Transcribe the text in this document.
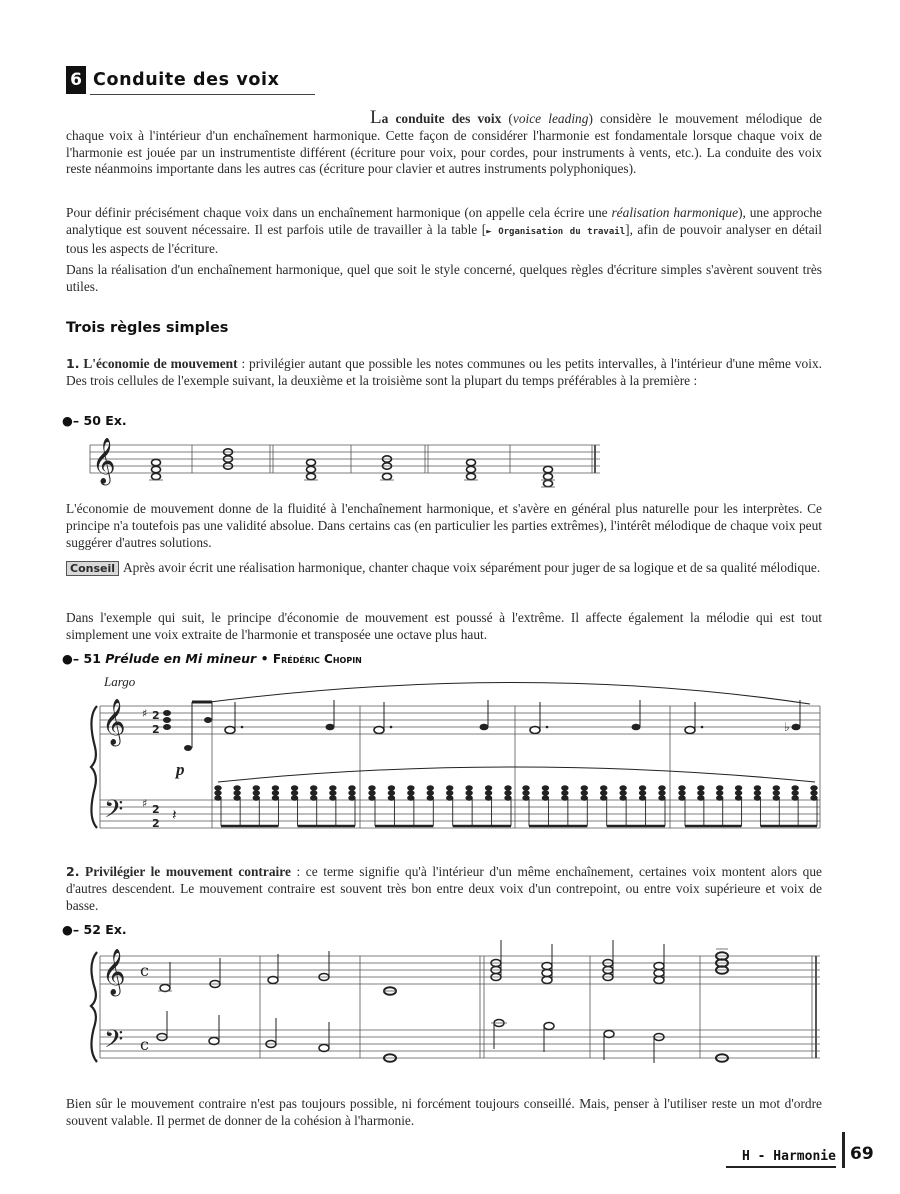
6 Conduite des voix

La conduite des voix (voice leading) considère le mouvement mélodique de chaque voix à l'intérieur d'un enchaînement harmonique. Cette façon de considérer l'harmonie est fondamentale lorsque chaque voix de l'harmonie est jouée par un instrumentiste différent (écriture pour voix, pour cordes, pour instruments à vents, etc.). La conduite des voix reste néanmoins importante dans les autres cas (écriture pour clavier et autres instruments polyphoniques).

Pour définir précisément chaque voix dans un enchaînement harmonique (on appelle cela écrire une réalisation harmonique), une approche analytique est souvent nécessaire. Il est parfois utile de travailler à la table [► Organisation du travail], afin de pouvoir analyser en détail tous les aspects de l'écriture.

Dans la réalisation d'un enchaînement harmonique, quel que soit le style concerné, quelques règles d'écriture simples s'avèrent souvent très utiles.

Trois règles simples

1. L'économie de mouvement : privilégier autant que possible les notes communes ou les petits intervalles, à l'intérieur d'une même voix. Des trois cellules de l'exemple suivant, la deuxième et la troisième sont la plupart du temps préférables à la première :

●– 50 Ex.
𝄞

L'économie de mouvement donne de la fluidité à l'enchaînement harmonique, et s'avère en général plus naturelle pour les interprètes. Ce principe n'a toutefois pas une validité absolue. Dans certains cas (en particulier les parties extrêmes), l'intérêt mélodique de chaque voix peut suggérer d'autres solutions.

Conseil Après avoir écrit une réalisation harmonique, chanter chaque voix séparément pour juger de sa logique et de sa qualité mélodique.

Dans l'exemple qui suit, le principe d'économie de mouvement est poussé à l'extrême. Il affecte également la mélodie qui est tout simplement une voix extraite de l'harmonie et transposée une octave plus haut.

●– 51 Prélude en Mi mineur • Frédéric Chopin
Largo
𝄞
𝄢
♯
♯
2
2
2
2
p
𝄽
♭

2. Privilégier le mouvement contraire : ce terme signifie qu'à l'intérieur d'un même enchaînement, certaines voix montent alors que d'autres descendent. Le mouvement contraire est souvent très bon entre deux voix d'un contrepoint, ou entre voix supérieure et voix de basse.

●– 52 Ex.
𝄞
𝄢
c
c

Bien sûr le mouvement contraire n'est pas toujours possible, ni forcément toujours conseillé. Mais, penser à l'utiliser reste un mot d'ordre souvent valable. Il permet de donner de la cohésion à l'harmonie.

H - Harmonie 69
